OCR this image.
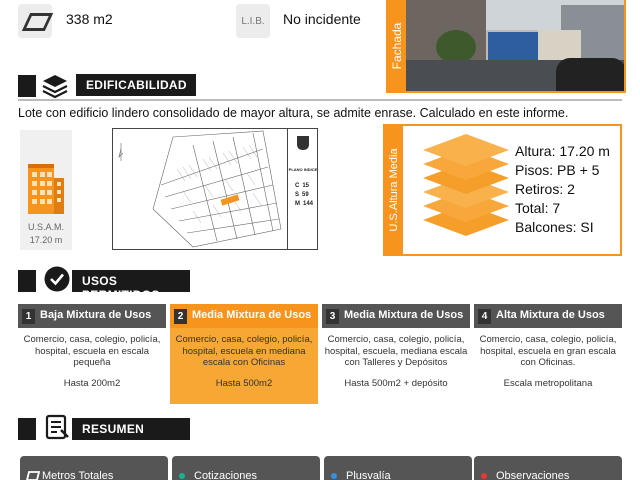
338 m2	L.I.B.	No incidente
Fachada
EDIFICABILIDAD
Lote con edificio lindero consolidado de mayor altura, se admite enrase. Calculado en este informe.
U.S.A.M.
17.20 m
PLANO INDICE
C 15
S 59
M 144	U.S.Altura Media	Altura: 17.20 m
Pisos: PB + 5
Retiros: 2
Total: 7
Balcones: SI
USOS PERMITIDOS
1 Baja Mixtura de Usos
Comercio, casa, colegio, policía, hospital, escuela en escala pequeña
Hasta 200m2
2 Media Mixtura de Usos
Comercio, casa, colegio, policía, hospital, escuela en mediana escala con Oficinas
Hasta 500m2
3 Media Mixtura de Usos
Comercio, casa, colegio, policía, hospital, escuela, mediana escala con Talleres y Depósitos
Hasta 500m2 + depósito
4 Alta Mixtura de Usos
Comercio, casa, colegio, policía, hospital, escuela en gran escala con Oficinas.
Escala metropolitana
RESUMEN
Metros Totales	Cotizaciones	Plusvalía	Observaciones
